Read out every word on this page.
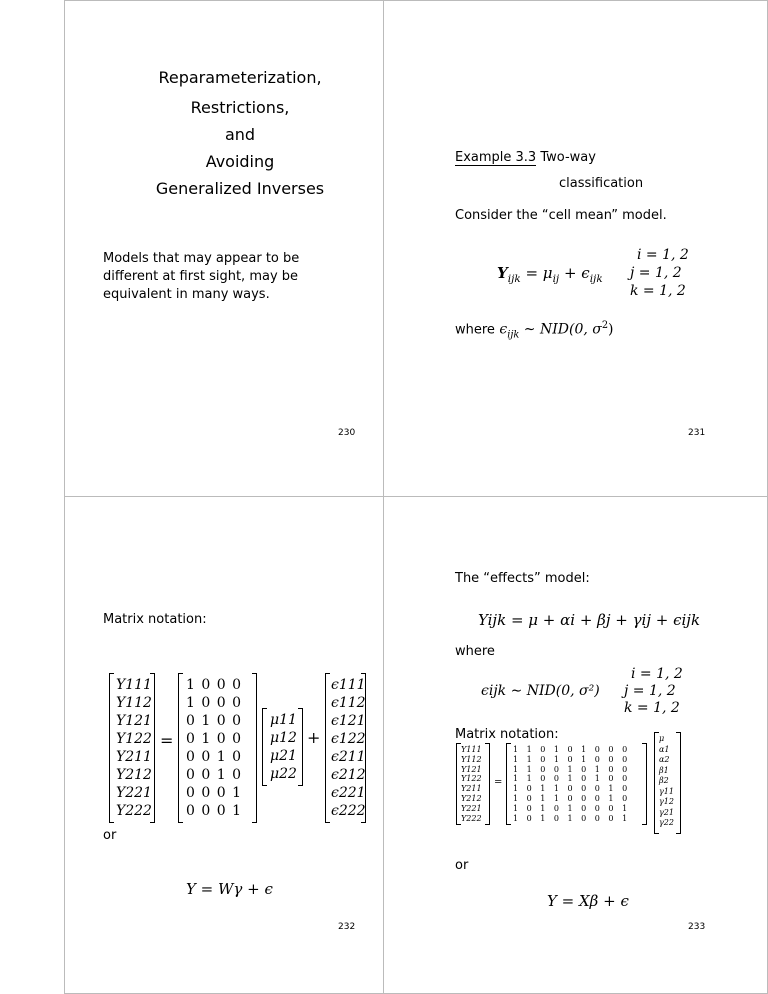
Reparameterization,
Restrictions,
and
Avoiding
Generalized Inverses
Models that may appear to be
different at first sight, may be
equivalent in many ways.
230
Example 3.3 Two-way
classification
Consider the “cell mean” model.
$Y_{ijk} = \mu_{ij} + \epsilon_{ijk}$
i = 1, 2
j = 1, 2
k = 1, 2
where $\epsilon_{ijk}$ ∼ NID(0, $\sigma^2$)
231
Matrix notation:
Y111
Y112
Y121
Y122
Y211
Y212
Y221
Y222
=
1 0 0 0
1 0 0 0
0 1 0 0
0 1 0 0
0 0 1 0
0 0 1 0
0 0 0 1
0 0 0 1
μ11
μ12
μ21
μ22
+
ϵ111
ϵ112
ϵ121
ϵ122
ϵ211
ϵ212
ϵ221
ϵ222
or
Y = Wγ + ϵ
232
The “effects” model:
Yijk = μ + αi + βj + γij + ϵijk
where
ϵijk ∼ NID(0, σ²)
i = 1, 2
j = 1, 2
k = 1, 2
Matrix notation:
Y111
Y112
Y121
Y122
Y211
Y212
Y221
Y222
=
1 1 0 1 0 1 0 0 0
1 1 0 1 0 1 0 0 0
1 1 0 0 1 0 1 0 0
1 1 0 0 1 0 1 0 0
1 0 1 1 0 0 0 1 0
1 0 1 1 0 0 0 1 0
1 0 1 0 1 0 0 0 1
1 0 1 0 1 0 0 0 1
μ
α1
α2
β1
β2
γ11
γ12
γ21
γ22
or
Y = Xβ + ϵ
233
